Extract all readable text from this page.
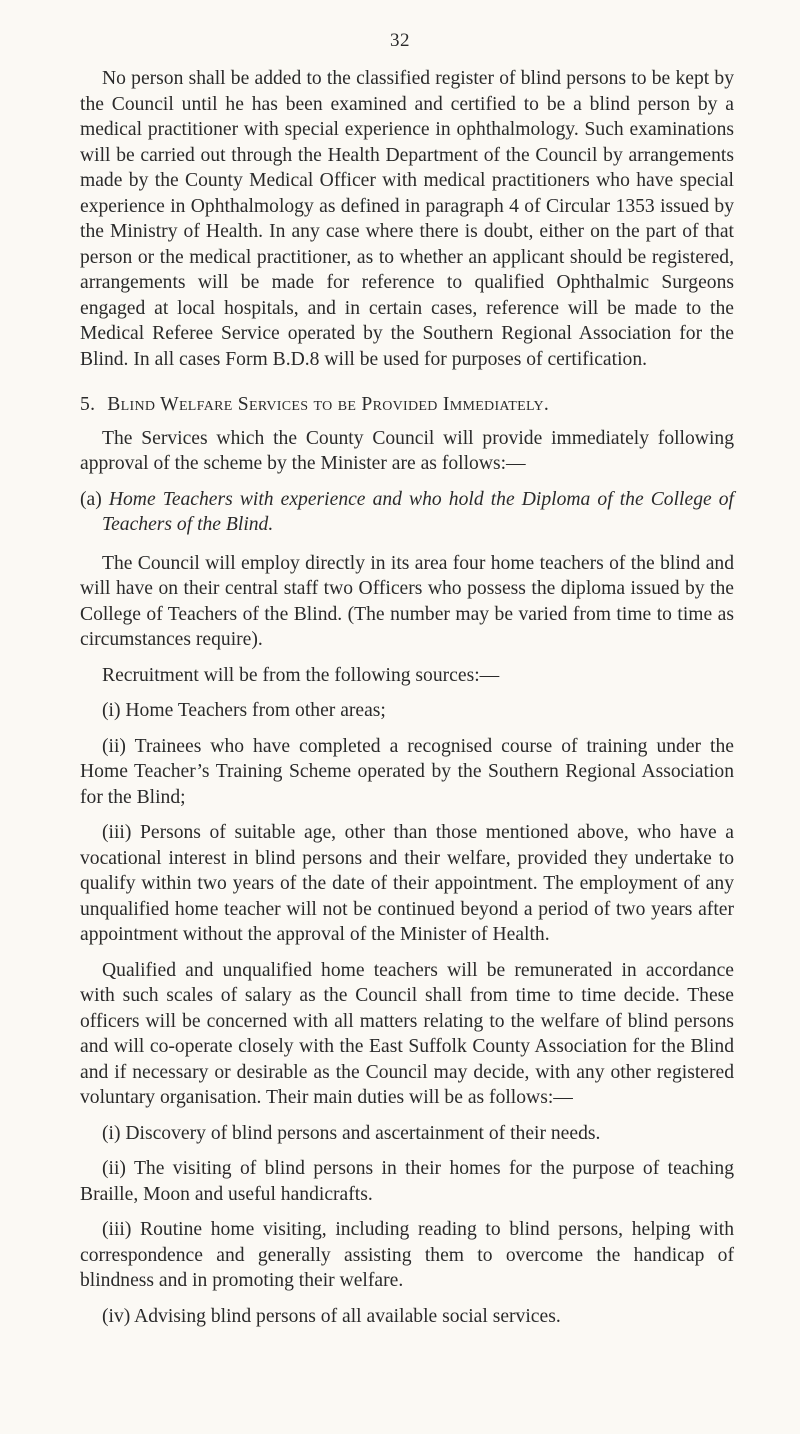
32

No person shall be added to the classified register of blind persons to be kept by the Council until he has been examined and certified to be a blind person by a medical practitioner with special experience in ophthalmology. Such examinations will be carried out through the Health Department of the Council by arrangements made by the County Medical Officer with medical practitioners who have special experience in Ophthalmology as defined in paragraph 4 of Circular 1353 issued by the Ministry of Health. In any case where there is doubt, either on the part of that person or the medical practitioner, as to whether an applicant should be registered, arrangements will be made for reference to qualified Ophthalmic Surgeons engaged at local hospitals, and in certain cases, reference will be made to the Medical Referee Service operated by the Southern Regional Association for the Blind. In all cases Form B.D.8 will be used for purposes of certification.

5. Blind Welfare Services to be Provided Immediately.

The Services which the County Council will provide immediately following approval of the scheme by the Minister are as follows:—

(a) Home Teachers with experience and who hold the Diploma of the College of Teachers of the Blind.

The Council will employ directly in its area four home teachers of the blind and will have on their central staff two Officers who possess the diploma issued by the College of Teachers of the Blind. (The number may be varied from time to time as circumstances require).

Recruitment will be from the following sources:—

(i) Home Teachers from other areas;

(ii) Trainees who have completed a recognised course of training under the Home Teacher’s Training Scheme operated by the Southern Regional Association for the Blind;

(iii) Persons of suitable age, other than those mentioned above, who have a vocational interest in blind persons and their welfare, provided they undertake to qualify within two years of the date of their appointment. The employment of any unqualified home teacher will not be continued beyond a period of two years after appointment without the approval of the Minister of Health.

Qualified and unqualified home teachers will be remunerated in accordance with such scales of salary as the Council shall from time to time decide. These officers will be concerned with all matters relating to the welfare of blind persons and will co-operate closely with the East Suffolk County Association for the Blind and if necessary or desirable as the Council may decide, with any other registered voluntary organisation. Their main duties will be as follows:—

(i) Discovery of blind persons and ascertainment of their needs.

(ii) The visiting of blind persons in their homes for the purpose of teaching Braille, Moon and useful handicrafts.

(iii) Routine home visiting, including reading to blind persons, helping with correspondence and generally assisting them to overcome the handicap of blindness and in promoting their welfare.

(iv) Advising blind persons of all available social services.
